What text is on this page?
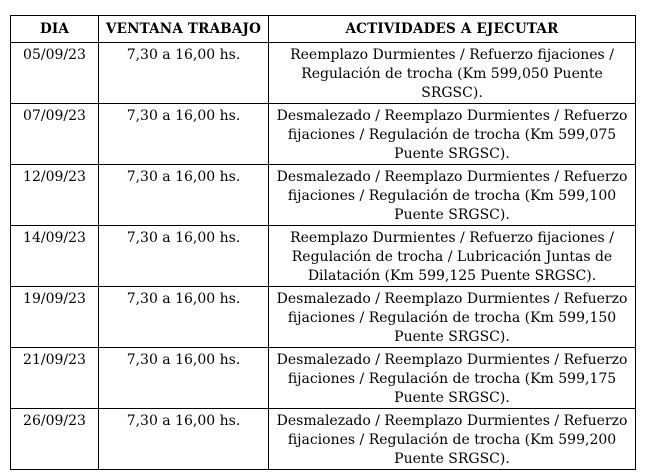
DIA	VENTANA TRABAJO	ACTIVIDADES A EJECUTAR
05/09/23	7,30 a 16,00 hs.	Reemplazo Durmientes / Refuerzo fijaciones / Regulación de trocha (Km 599,050 Puente SRGSC).
07/09/23	7,30 a 16,00 hs.	Desmalezado / Reemplazo Durmientes / Refuerzo fijaciones / Regulación de trocha (Km 599,075 Puente SRGSC).
12/09/23	7,30 a 16,00 hs.	Desmalezado / Reemplazo Durmientes / Refuerzo fijaciones / Regulación de trocha (Km 599,100 Puente SRGSC).
14/09/23	7,30 a 16,00 hs.	Reemplazo Durmientes / Refuerzo fijaciones / Regulación de trocha / Lubricación Juntas de Dilatación (Km 599,125 Puente SRGSC).
19/09/23	7,30 a 16,00 hs.	Desmalezado / Reemplazo Durmientes / Refuerzo fijaciones / Regulación de trocha (Km 599,150 Puente SRGSC).
21/09/23	7,30 a 16,00 hs.	Desmalezado / Reemplazo Durmientes / Refuerzo fijaciones / Regulación de trocha (Km 599,175 Puente SRGSC).
26/09/23	7,30 a 16,00 hs.	Desmalezado / Reemplazo Durmientes / Refuerzo fijaciones / Regulación de trocha (Km 599,200 Puente SRGSC).
